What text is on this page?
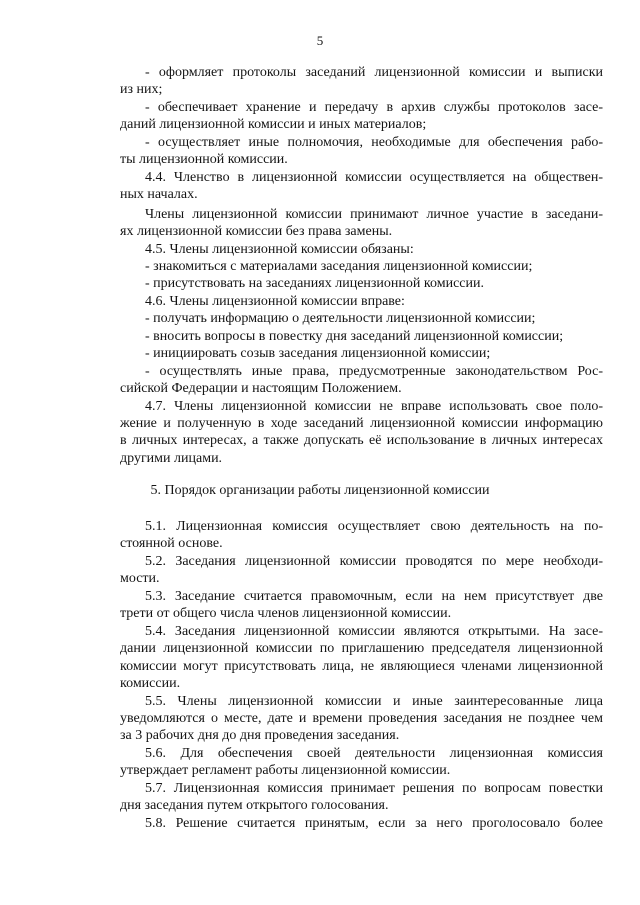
5
- оформляет протоколы заседаний лицензионной комиссии и выписки
из них;
- обеспечивает хранение и передачу в архив службы протоколов засе-
даний лицензионной комиссии и иных материалов;
- осуществляет иные полномочия, необходимые для обеспечения рабо-
ты лицензионной комиссии.
4.4. Членство в лицензионной комиссии осуществляется на обществен-
ных началах.
Члены лицензионной комиссии принимают личное участие в заседани-
ях лицензионной комиссии без права замены.
4.5. Члены лицензионной комиссии обязаны:
- знакомиться с материалами заседания лицензионной комиссии;
- присутствовать на заседаниях лицензионной комиссии.
4.6. Члены лицензионной комиссии вправе:
- получать информацию о деятельности лицензионной комиссии;
- вносить вопросы в повестку дня заседаний лицензионной комиссии;
- инициировать созыв заседания лицензионной комиссии;
- осуществлять иные права, предусмотренные законодательством Рос-
сийской Федерации и настоящим Положением.
4.7. Члены лицензионной комиссии не вправе использовать свое поло-
жение и полученную в ходе заседаний лицензионной комиссии информацию
в личных интересах, а также допускать её использование в личных интересах
другими лицами.
5. Порядок организации работы лицензионной комиссии
5.1. Лицензионная комиссия осуществляет свою деятельность на по-
стоянной основе.
5.2. Заседания лицензионной комиссии проводятся по мере необходи-
мости.
5.3. Заседание считается правомочным, если на нем присутствует две
трети от общего числа членов лицензионной комиссии.
5.4. Заседания лицензионной комиссии являются открытыми. На засе-
дании лицензионной комиссии по приглашению председателя лицензионной
комиссии могут присутствовать лица, не являющиеся членами лицензионной
комиссии.
5.5. Члены лицензионной комиссии и иные заинтересованные лица
уведомляются о месте, дате и времени проведения заседания не позднее чем
за 3 рабочих дня до дня проведения заседания.
5.6. Для обеспечения своей деятельности лицензионная комиссия
утверждает регламент работы лицензионной комиссии.
5.7. Лицензионная комиссия принимает решения по вопросам повестки
дня заседания путем открытого голосования.
5.8. Решение считается принятым, если за него проголосовало более
